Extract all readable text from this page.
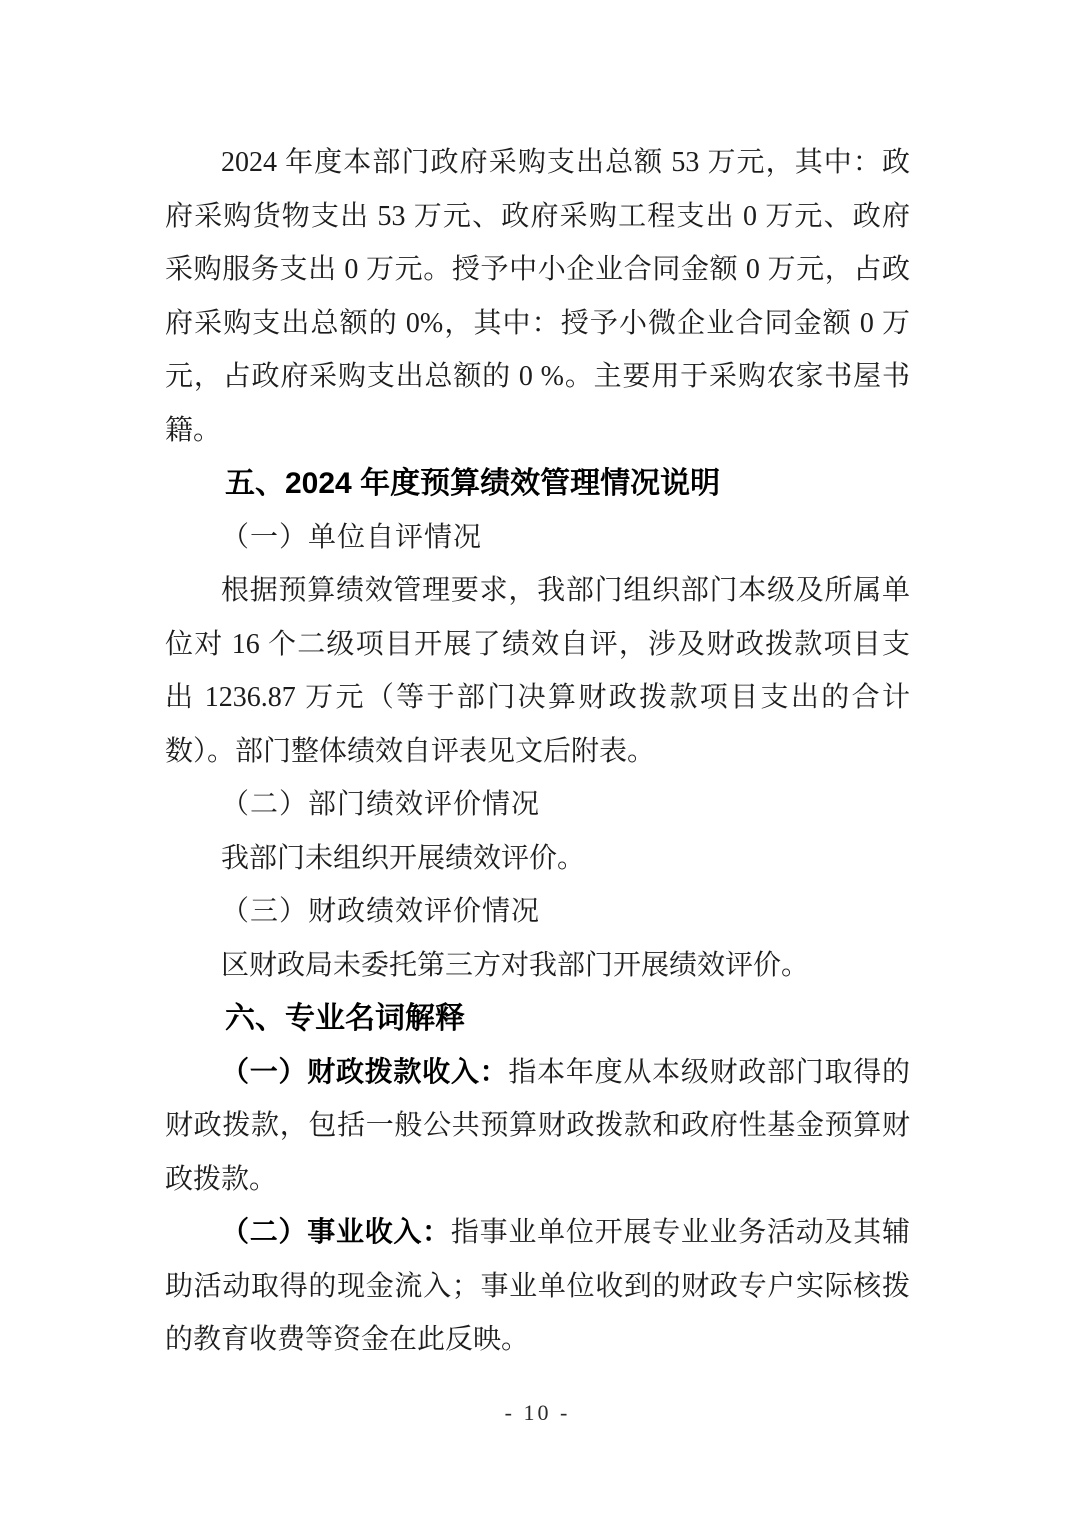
2024 年度本部门政府采购支出总额 53 万元，其中：政
府采购货物支出 53 万元、政府采购工程支出 0 万元、政府
采购服务支出 0 万元。授予中小企业合同金额 0 万元，占政
府采购支出总额的 0%，其中：授予小微企业合同金额 0 万
元，占政府采购支出总额的 0 %。主要用于采购农家书屋书
籍。
五、2024 年度预算绩效管理情况说明
（一）单位自评情况
根据预算绩效管理要求，我部门组织部门本级及所属单
位对 16 个二级项目开展了绩效自评，涉及财政拨款项目支
出 1236.87 万元（等于部门决算财政拨款项目支出的合计
数）。部门整体绩效自评表见文后附表。
（二）部门绩效评价情况
我部门未组织开展绩效评价。
（三）财政绩效评价情况
区财政局未委托第三方对我部门开展绩效评价。
六、专业名词解释
（一）财政拨款收入：指本年度从本级财政部门取得的
财政拨款，包括一般公共预算财政拨款和政府性基金预算财
政拨款。
（二）事业收入：指事业单位开展专业业务活动及其辅
助活动取得的现金流入；事业单位收到的财政专户实际核拨
的教育收费等资金在此反映。
- 10 -
